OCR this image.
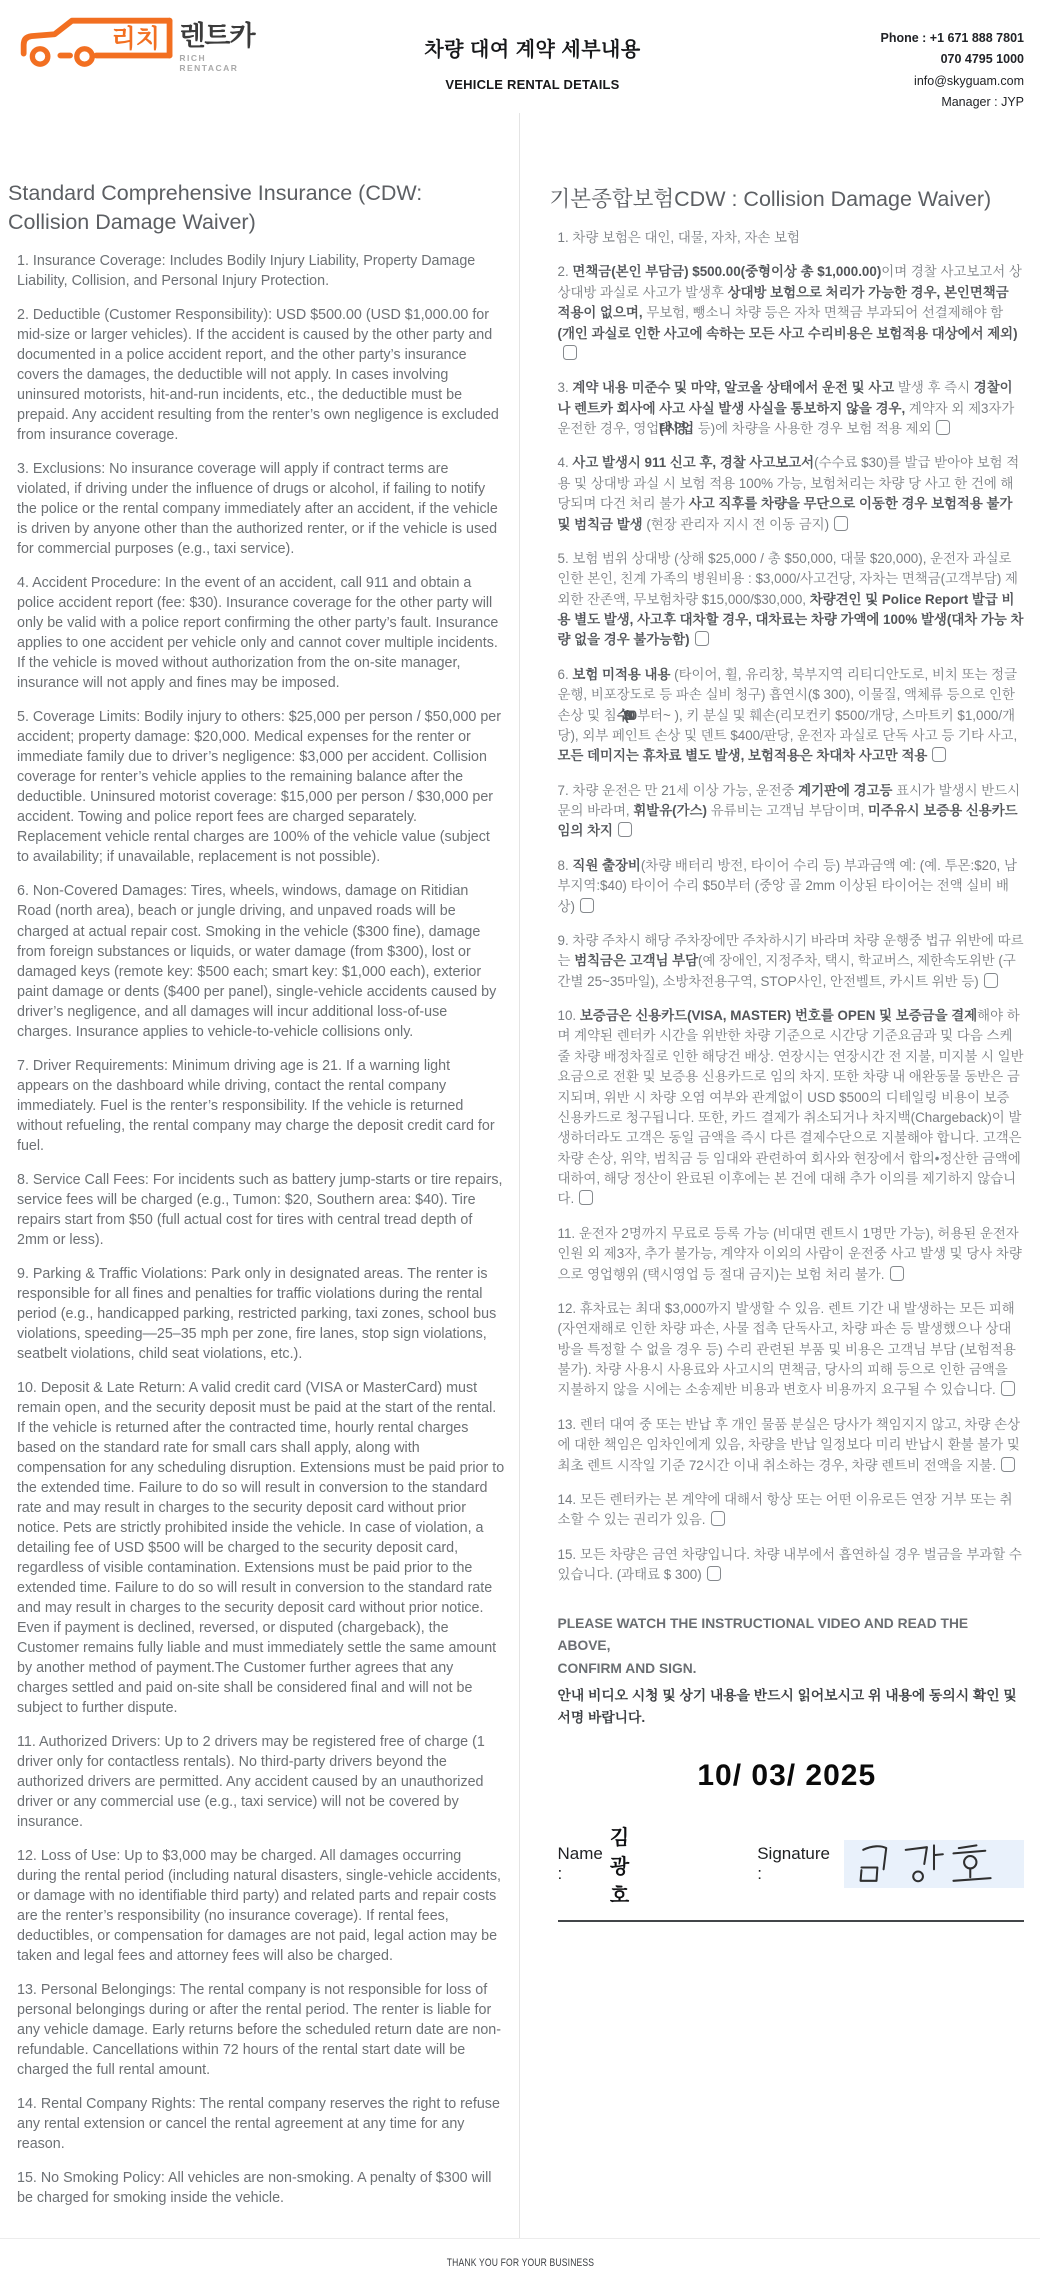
리치 렌트카
RICH RENTACAR
차량 대여 계약 세부내용
VEHICLE RENTAL DETAILS
Phone : +1 671 888 7801
070 4795 1000
info@skyguam.com
Manager : JYP
Standard Comprehensive Insurance (CDW: Collision Damage Waiver)

1. Insurance Coverage: Includes Bodily Injury Liability, Property Damage Liability, Collision, and Personal Injury Protection.

2. Deductible (Customer Responsibility): USD $500.00 (USD $1,000.00 for mid-size or larger vehicles). If the accident is caused by the other party and documented in a police accident report, and the other party’s insurance covers the damages, the deductible will not apply. In cases involving uninsured motorists, hit-and-run incidents, etc., the deductible must be prepaid. Any accident resulting from the renter’s own negligence is excluded from insurance coverage.

3. Exclusions: No insurance coverage will apply if contract terms are violated, if driving under the influence of drugs or alcohol, if failing to notify the police or the rental company immediately after an accident, if the vehicle is driven by anyone other than the authorized renter, or if the vehicle is used for commercial purposes (e.g., taxi service).

4. Accident Procedure: In the event of an accident, call 911 and obtain a police accident report (fee: $30). Insurance coverage for the other party will only be valid with a police report confirming the other party’s fault. Insurance applies to one accident per vehicle only and cannot cover multiple incidents. If the vehicle is moved without authorization from the on-site manager, insurance will not apply and fines may be imposed.

5. Coverage Limits: Bodily injury to others: $25,000 per person / $50,000 per accident; property damage: $20,000. Medical expenses for the renter or immediate family due to driver’s negligence: $3,000 per accident. Collision coverage for renter’s vehicle applies to the remaining balance after the deductible. Uninsured motorist coverage: $15,000 per person / $30,000 per accident. Towing and police report fees are charged separately. Replacement vehicle rental charges are 100% of the vehicle value (subject to availability; if unavailable, replacement is not possible).

6. Non-Covered Damages: Tires, wheels, windows, damage on Ritidian Road (north area), beach or jungle driving, and unpaved roads will be charged at actual repair cost. Smoking in the vehicle ($300 fine), damage from foreign substances or liquids, or water damage (from $300), lost or damaged keys (remote key: $500 each; smart key: $1,000 each), exterior paint damage or dents ($400 per panel), single-vehicle accidents caused by driver’s negligence, and all damages will incur additional loss-of-use charges. Insurance applies to vehicle-to-vehicle collisions only.

7. Driver Requirements: Minimum driving age is 21. If a warning light appears on the dashboard while driving, contact the rental company immediately. Fuel is the renter’s responsibility. If the vehicle is returned without refueling, the rental company may charge the deposit credit card for fuel.

8. Service Call Fees: For incidents such as battery jump-starts or tire repairs, service fees will be charged (e.g., Tumon: $20, Southern area: $40). Tire repairs start from $50 (full actual cost for tires with central tread depth of 2mm or less).

9. Parking & Traffic Violations: Park only in designated areas. The renter is responsible for all fines and penalties for traffic violations during the rental period (e.g., handicapped parking, restricted parking, taxi zones, school bus violations, speeding—25–35 mph per zone, fire lanes, stop sign violations, seatbelt violations, child seat violations, etc.).

10. Deposit & Late Return: A valid credit card (VISA or MasterCard) must remain open, and the security deposit must be paid at the start of the rental. If the vehicle is returned after the contracted time, hourly rental charges based on the standard rate for small cars shall apply, along with compensation for any scheduling disruption. Extensions must be paid prior to the extended time. Failure to do so will result in conversion to the standard rate and may result in charges to the security deposit card without prior notice. Pets are strictly prohibited inside the vehicle. In case of violation, a detailing fee of USD $500 will be charged to the security deposit card, regardless of visible contamination. Extensions must be paid prior to the extended time. Failure to do so will result in conversion to the standard rate and may result in charges to the security deposit card without prior notice. Even if payment is declined, reversed, or disputed (chargeback), the Customer remains fully liable and must immediately settle the same amount by another method of payment.The Customer further agrees that any charges settled and paid on-site shall be considered final and will not be subject to further dispute.

11. Authorized Drivers: Up to 2 drivers may be registered free of charge (1 driver only for contactless rentals). No third-party drivers beyond the authorized drivers are permitted. Any accident caused by an unauthorized driver or any commercial use (e.g., taxi service) will not be covered by insurance.

12. Loss of Use: Up to $3,000 may be charged. All damages occurring during the rental period (including natural disasters, single-vehicle accidents, or damage with no identifiable third party) and related parts and repair costs are the renter’s responsibility (no insurance coverage). If rental fees, deductibles, or compensation for damages are not paid, legal action may be taken and legal fees and attorney fees will also be charged.

13. Personal Belongings: The rental company is not responsible for loss of personal belongings during or after the rental period. The renter is liable for any vehicle damage. Early returns before the scheduled return date are non-refundable. Cancellations within 72 hours of the rental start date will be charged the full rental amount.

14. Rental Company Rights: The rental company reserves the right to refuse any rental extension or cancel the rental agreement at any time for any reason.

15. No Smoking Policy: All vehicles are non-smoking. A penalty of $300 will be charged for smoking inside the vehicle.

기본종합보험CDW : Collision Damage Waiver)

1. 차량 보험은 대인, 대물, 자차, 자손 보험

2. 면책금(본인 부담금) $500.00(중형이상 총 $1,000.00)이며 경찰 사고보고서 상 상대방 과실로 사고가 발생후 상대방 보험으로 처리가 가능한 경우, 본인면책금 적용이 없으며, 무보험, 뺑소니 차량 등은 자차 면책금 부과되어 선결제해야 함 (개인 과실로 인한 사고에 속하는 모든 사고 수리비용은 보험적용 대상에서 제외)

3. 계약 내용 미준수 및 마약, 알코올 상태에서 운전 및 사고 발생 후 즉시 경찰이나 렌트카 회사에 사고 사실 발생 사실을 통보하지 않을 경우, 계약자 외 제3자가 운전한 경우, 영업(택시영업 등)에 차량을 사용한 경우 보험 적용 제외

4. 사고 발생시 911 신고 후, 경찰 사고보고서(수수료 $30)를 발급 받아야 보험 적용 및 상대방 과실 시 보험 적용 100% 가능, 보험처리는 차량 당 사고 한 건에 해당되며 다건 처리 불가 사고 직후를 차량을 무단으로 이동한 경우 보험적용 불가 및 범칙금 발생 (현장 관리자 지시 전 이동 금지)

5. 보험 범위 상대방 (상해 $25,000 / 총 $50,000, 대물 $20,000), 운전자 과실로 인한 본인, 친계 가족의 병원비용 : $3,000/사고건당, 자차는 면책금(고객부담) 제외한 잔존액, 무보험차량 $15,000/$30,000, 차량견인 및 Police Report 발급 비용 별도 발생, 사고후 대차할 경우, 대차료는 차량 가액에 100% 발생(대차 가능 차량 없을 경우 불가능함)

6. 보험 미적용 내용 (타이어, 휠, 유리창, 북부지역 리티디안도로, 비치 또는 정글 운행, 비포장도로 등 파손 실비 청구) 흡연시($ 300), 이물질, 액체류 등으로 인한 손상 및 침수($300 부터~ ), 키 분실 및 훼손(리모컨키 $500/개당, 스마트키 $1,000/개당), 외부 페인트 손상 및 덴트 $400/판당, 운전자 과실로 단독 사고 등 기타 사고, 모든 데미지는 휴차료 별도 발생, 보험적용은 차대차 사고만 적용

7. 차량 운전은 만 21세 이상 가능, 운전중 계기판에 경고등 표시가 발생시 반드시 문의 바라며, 휘발유(가스) 유류비는 고객님 부담이며, 미주유시 보증용 신용카드 임의 차지

8. 직원 출장비(차량 배터리 방전, 타이어 수리 등) 부과금액 예: (예. 투몬:$20, 남부지역:$40) 타이어 수리 $50부터 (중앙 골 2mm 이상된 타이어는 전액 실비 배상)

9. 차량 주차시 해당 주차장에만 주차하시기 바라며 차량 운행중 법규 위반에 따르는 범칙금은 고객님 부담(예 장애인, 지정주차, 택시, 학교버스, 제한속도위반 (구간별 25~35마일), 소방차전용구역, STOP사인, 안전벨트, 카시트 위반 등)

10. 보증금은 신용카드(VISA, MASTER) 번호를 OPEN 및 보증금을 결제해야 하며 계약된 렌터카 시간을 위반한 차량 기준으로 시간당 기준요금과 및 다음 스케줄 차량 배정차질로 인한 해당건 배상. 연장시는 연장시간 전 지불, 미지불 시 일반요금으로 전환 및 보증용 신용카드로 임의 차지. 또한 차량 내 애완동물 동반은 금지되며, 위반 시 차량 오염 여부와 관계없이 USD $500의 디테일링 비용이 보증 신용카드로 청구됩니다. 또한, 카드 결제가 취소되거나 차지백(Chargeback)이 발생하더라도 고객은 동일 금액을 즉시 다른 결제수단으로 지불해야 합니다. 고객은 차량 손상, 위약, 범칙금 등 임대와 관련하여 회사와 현장에서 합의•정산한 금액에 대하여, 해당 정산이 완료된 이후에는 본 건에 대해 추가 이의를 제기하지 않습니다.

11. 운전자 2명까지 무료로 등록 가능 (비대면 렌트시 1명만 가능), 허용된 운전자 인원 외 제3자, 추가 불가능, 계약자 이외의 사람이 운전중 사고 발생 및 당사 차량으로 영업행위 (택시영업 등 절대 금지)는 보험 처리 불가.

12. 휴차료는 최대 $3,000까지 발생할 수 있음. 렌트 기간 내 발생하는 모든 피해 (자연재해로 인한 차량 파손, 사물 접촉 단독사고, 차량 파손 등 발생했으나 상대방을 특정할 수 없을 경우 등) 수리 관련된 부품 및 비용은 고객님 부담 (보험적용 불가). 차량 사용시 사용료와 사고시의 면책금, 당사의 피해 등으로 인한 금액을 지불하지 않을 시에는 소송제반 비용과 변호사 비용까지 요구될 수 있습니다.

13. 렌터 대여 중 또는 반납 후 개인 물품 분실은 당사가 책임지지 않고, 차량 손상에 대한 책임은 임차인에게 있음, 차량을 반납 일정보다 미리 반납시 환불 불가 및 최초 렌트 시작일 기준 72시간 이내 취소하는 경우, 차량 렌트비 전액을 지불.

14. 모든 렌터카는 본 계약에 대해서 항상 또는 어떤 이유로든 연장 거부 또는 취소할 수 있는 권리가 있음.

15. 모든 차량은 금연 차량입니다. 차량 내부에서 흡연하실 경우 벌금을 부과할 수 있습니다. (과태료 $ 300)

PLEASE WATCH THE INSTRUCTIONAL VIDEO AND READ THE ABOVE,
CONFIRM AND SIGN.
안내 비디오 시청 및 상기 내용을 반드시 읽어보시고 위 내용에 동의시 확인 및 서명 바랍니다.
10/ 03/ 2025
Name :
김광호
Signature :
THANK YOU FOR YOUR BUSINESS
